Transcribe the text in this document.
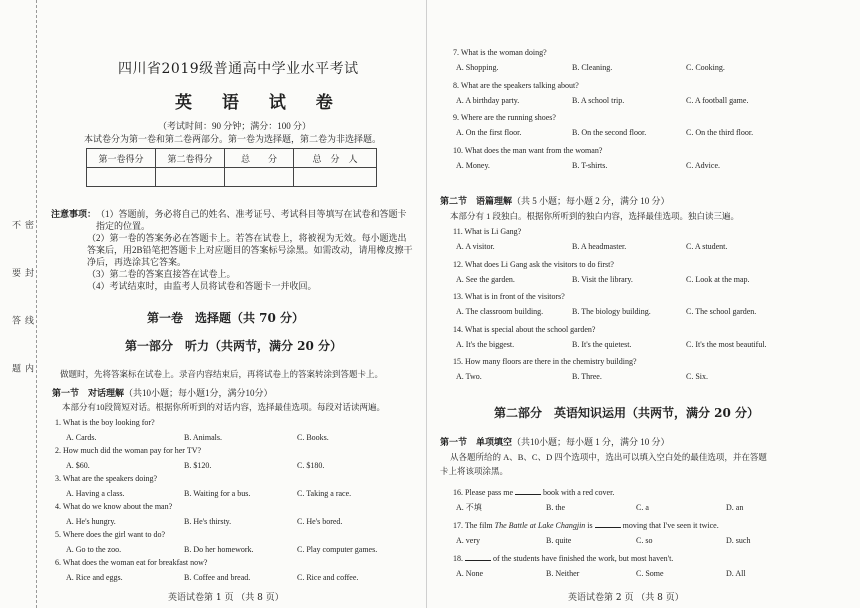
密 封 线 内 不 要 答 题
四川省2019级普通高中学业水平考试
英 语 试 卷
（考试时间：90 分钟；满分：100 分）
本试卷分为第一卷和第二卷两部分。第一卷为选择题，第二卷为非选择题。
第一卷得分	第二卷得分	总　　分	总　分　人

注意事项： （1）答题前，务必将自己的姓名、准考证号、考试科目等填写在试卷和答题卡指定的位置。
（2）第一卷的答案务必在答题卡上。若答在试卷上，将被视为无效。每小题选出答案后，用2B铅笔把答题卡上对应题目的答案标号涂黑。如需改动，请用橡皮擦干净后，再选涂其它答案。
（3）第二卷的答案直接答在试卷上。
（4）考试结束时，由监考人员将试卷和答题卡一并收回。
第一卷　选择题（共 70 分）
第一部分　听力（共两节，满分 20 分）
做题时，先将答案标在试卷上。录音内容结束后，再将试卷上的答案转涂到答题卡上。
第一节　对话理解（共10小题；每小题1分，满分10分）
本部分有10段简短对话。根据你所听到的对话内容，选择最佳选项。每段对话读两遍。
1. What is the boy looking for?
A. Cards.	B. Animals.	C. Books.
2. How much did the woman pay for her TV?
A. $60.	B. $120.	C. $180.
3. What are the speakers doing?
A. Having a class.	B. Waiting for a bus.	C. Taking a race.
4. What do we know about the man?
A. He's hungry.	B. He's thirsty.	C. He's bored.
5. Where does the girl want to do?
A. Go to the zoo.	B. Do her homework.	C. Play computer games.
6. What does the woman eat for breakfast now?
A. Rice and eggs.	B. Coffee and bread.	C. Rice and coffee.
英语试卷第 1 页 （共 8 页）
7. What is the woman doing?
A. Shopping.	B. Cleaning.	C. Cooking.
8. What are the speakers talking about?
A. A birthday party.	B. A school trip.	C. A football game.
9. Where are the running shoes?
A. On the first floor.	B. On the second floor.	C. On the third floor.
10. What does the man want from the woman?
A. Money.	B. T-shirts.	C. Advice.
第二节　语篇理解（共 5 小题；每小题 2 分，满分 10 分）
本部分有 1 段独白。根据你所听到的独白内容，选择最佳选项。独白读三遍。
11. What is Li Gang?
A. A visitor.	B. A headmaster.	C. A student.
12. What does Li Gang ask the visitors to do first?
A. See the garden.	B. Visit the library.	C. Look at the map.
13. What is in front of the visitors?
A. The classroom building.	B. The biology building.	C. The school garden.
14. What is special about the school garden?
A. It's the biggest.	B. It's the quietest.	C. It's the most beautiful.
15. How many floors are there in the chemistry building?
A. Two.	B. Three.	C. Six.
第二部分　英语知识运用（共两节，满分 20 分）
第一节　单项填空（共10小题；每小题 1 分，满分 10 分）
从各题所给的 A、B、C、D 四个选项中，选出可以填入空白处的最佳选项，并在答题
卡上将该项涂黑。
16. Please pass me	book with a red cover.
A. 不填	B. the	C. a	D. an
17. The film The Battle at Lake Changjin is	moving that I've seen it twice.
A. very	B. quite	C. so	D. such
18.	of the students have finished the work, but most haven't.
A. None	B. Neither	C. Some	D. All
英语试卷第 2 页 （共 8 页）
